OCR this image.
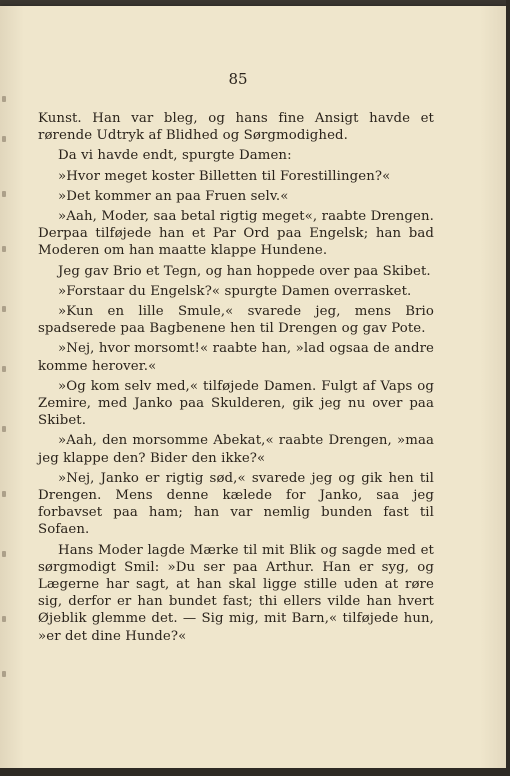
85

Kunst. Han var bleg, og hans fine Ansigt havde et rørende Udtryk af Blidhed og Sørgmodighed.

Da vi havde endt, spurgte Damen:

»Hvor meget koster Billetten til Forestillingen?«

»Det kommer an paa Fruen selv.«

»Aah, Moder, saa betal rigtig meget«, raabte Drengen. Derpaa tilføjede han et Par Ord paa Engelsk; han bad Moderen om han maatte klappe Hundene.

Jeg gav Brio et Tegn, og han hoppede over paa Skibet.

»Forstaar du Engelsk?« spurgte Damen overrasket.

»Kun en lille Smule,« svarede jeg, mens Brio spadserede paa Bagbenene hen til Drengen og gav Pote.

»Nej, hvor morsomt!« raabte han, »lad ogsaa de andre komme herover.«

»Og kom selv med,« tilføjede Damen. Fulgt af Vaps og Zemire, med Janko paa Skulderen, gik jeg nu over paa Skibet.

»Aah, den morsomme Abekat,« raabte Drengen, »maa jeg klappe den? Bider den ikke?«

»Nej, Janko er rigtig sød,« svarede jeg og gik hen til Drengen. Mens denne kælede for Janko, saa jeg forbavset paa ham; han var nemlig bunden fast til Sofaen.

Hans Moder lagde Mærke til mit Blik og sagde med et sørgmodigt Smil: »Du ser paa Arthur. Han er syg, og Lægerne har sagt, at han skal ligge stille uden at røre sig, derfor er han bundet fast; thi ellers vilde han hvert Øjeblik glemme det. — Sig mig, mit Barn,« tilføjede hun, »er det dine Hunde?«
